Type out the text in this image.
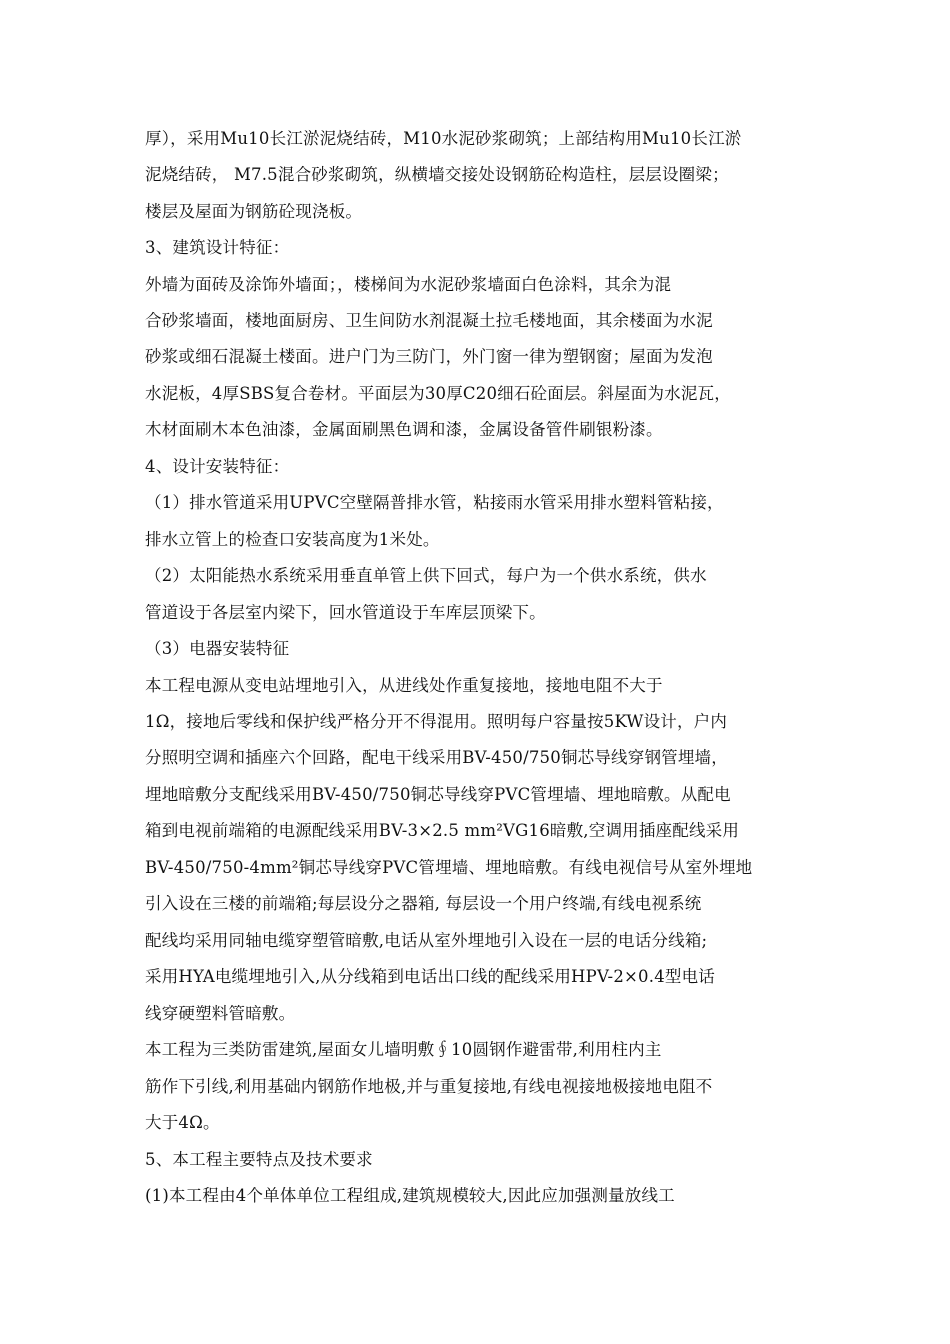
厚），采用Mu10长江淤泥烧结砖，M10水泥砂浆砌筑；上部结构用Mu10长江淤
泥烧结砖， M7.5混合砂浆砌筑，纵横墙交接处设钢筋砼构造柱，层层设圈梁；
楼层及屋面为钢筋砼现浇板。
3、建筑设计特征：
外墙为面砖及涂饰外墙面；，楼梯间为水泥砂浆墙面白色涂料，其余为混
合砂浆墙面，楼地面厨房、卫生间防水剂混凝土拉毛楼地面，其余楼面为水泥
砂浆或细石混凝土楼面。进户门为三防门，外门窗一律为塑钢窗；屋面为发泡
水泥板，4厚SBS复合卷材。平面层为30厚C20细石砼面层。斜屋面为水泥瓦，
木材面刷木本色油漆，金属面刷黑色调和漆，金属设备管件刷银粉漆。
4、设计安装特征：
（1）排水管道采用UPVC空壁隔普排水管，粘接雨水管采用排水塑料管粘接，
排水立管上的检查口安装高度为1米处。
（2）太阳能热水系统采用垂直单管上供下回式，每户为一个供水系统，供水
管道设于各层室内梁下，回水管道设于车库层顶梁下。
（3）电器安装特征
本工程电源从变电站埋地引入，从进线处作重复接地，接地电阻不大于
1Ω，接地后零线和保护线严格分开不得混用。照明每户容量按5KW设计，户内
分照明空调和插座六个回路，配电干线采用BV-450/750铜芯导线穿钢管埋墙，
埋地暗敷分支配线采用BV-450/750铜芯导线穿PVC管埋墙、埋地暗敷。从配电
箱到电视前端箱的电源配线采用BV-3×2.5 mm²VG16暗敷,空调用插座配线采用
BV-450/750-4mm²铜芯导线穿PVC管埋墙、埋地暗敷。有线电视信号从室外埋地
引入设在三楼的前端箱;每层设分之器箱, 每层设一个用户终端,有线电视系统
配线均采用同轴电缆穿塑管暗敷,电话从室外埋地引入设在一层的电话分线箱;
采用HYA电缆埋地引入,从分线箱到电话出口线的配线采用HPV-2×0.4型电话
线穿硬塑料管暗敷。
本工程为三类防雷建筑,屋面女儿墙明敷∮10圆钢作避雷带,利用柱内主
筋作下引线,利用基础内钢筋作地极,并与重复接地,有线电视接地极接地电阻不
大于4Ω。
5、本工程主要特点及技术要求
(1)本工程由4个单体单位工程组成,建筑规模较大,因此应加强测量放线工
